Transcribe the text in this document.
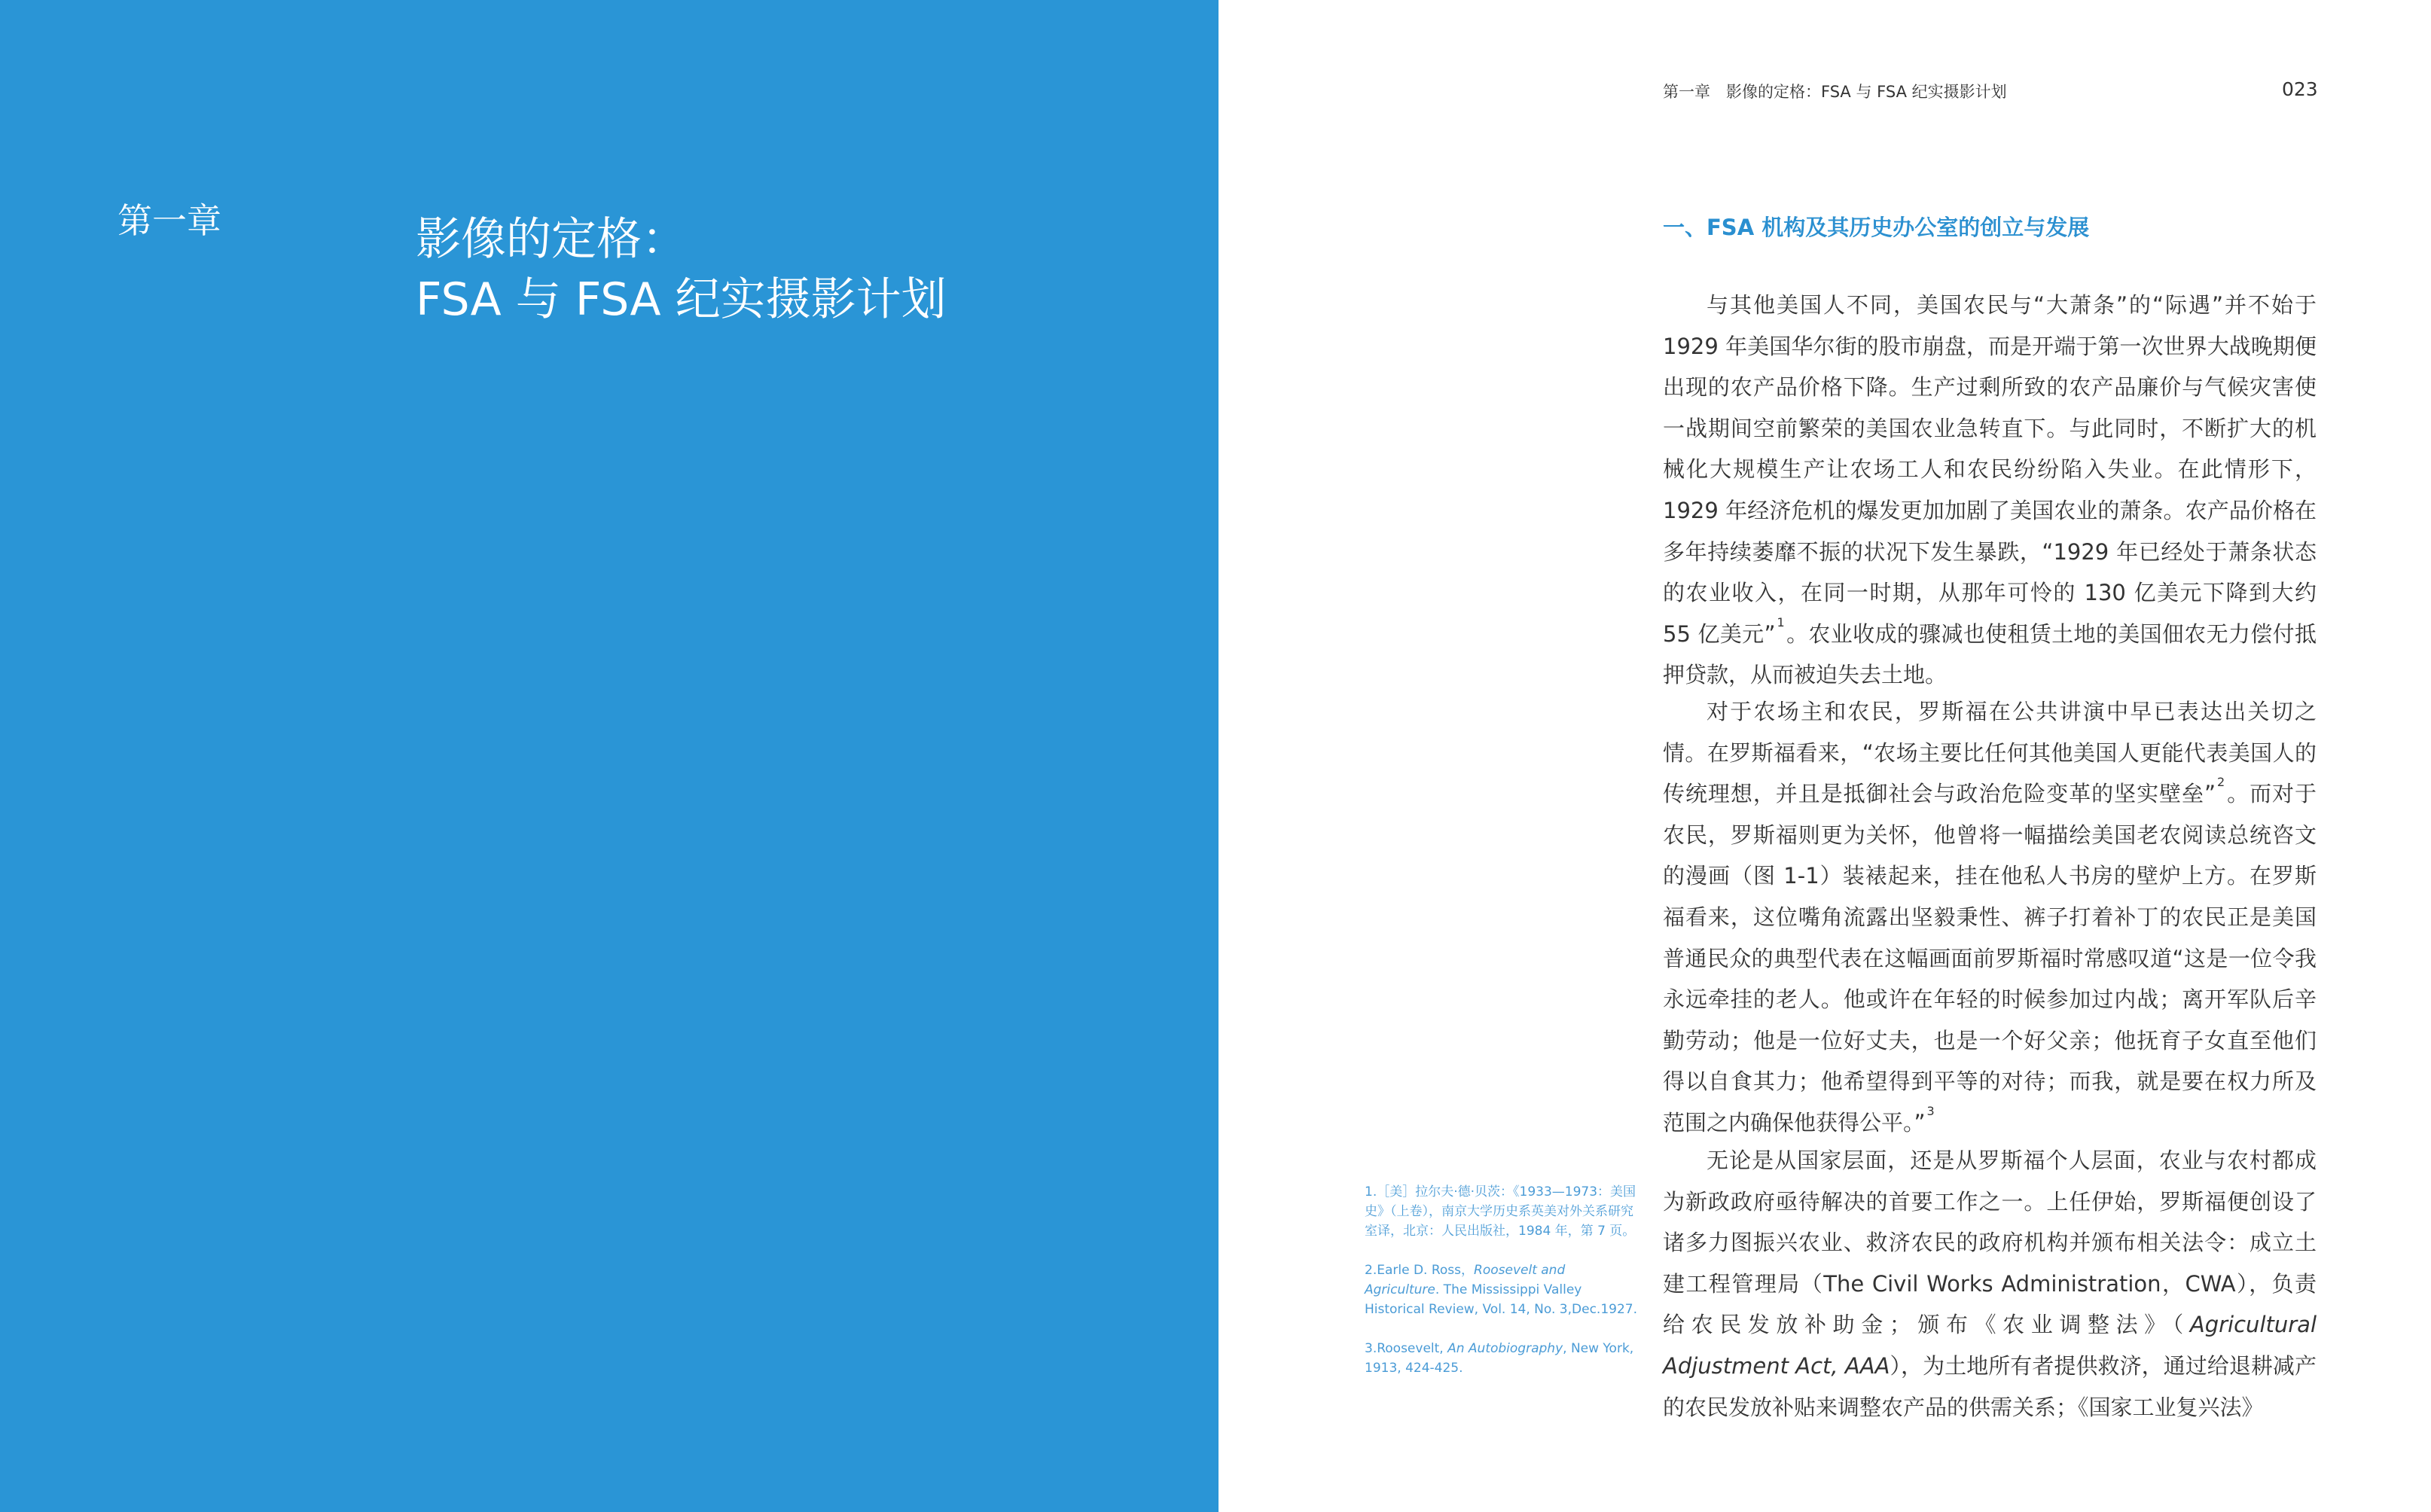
第一章	影像的定格：
FSA 与 FSA 纪实摄影计划
第一章　影像的定格：FSA 与 FSA 纪实摄影计划	023
一、FSA 机构及其历史办公室的创立与发展

与其他美国人不同，美国农民与“大萧条”的“际遇”并不始于 1929 年美国华尔街的股市崩盘，而是开端于第一次世界大战晚期便出现的农产品价格下降。生产过剩所致的农产品廉价与气候灾害使一战期间空前繁荣的美国农业急转直下。与此同时，不断扩大的机械化大规模生产让农场工人和农民纷纷陷入失业。在此情形下，1929 年经济危机的爆发更加加剧了美国农业的萧条。农产品价格在多年持续萎靡不振的状况下发生暴跌，“1929 年已经处于萧条状态的农业收入，在同一时期，从那年可怜的 130 亿美元下降到大约 55 亿美元” $^1$。农业收成的骤减也使租赁土地的美国佃农无力偿付抵押贷款，从而被迫失去土地。

对于农场主和农民，罗斯福在公共讲演中早已表达出关切之情。在罗斯福看来，“农场主要比任何其他美国人更能代表美国人的传统理想，并且是抵御社会与政治危险变革的坚实壁垒” $^2$。而对于农民，罗斯福则更为关怀，他曾将一幅描绘美国老农阅读总统咨文的漫画（图 1-1）装裱起来，挂在他私人书房的壁炉上方。在罗斯福看来，这位嘴角流露出坚毅秉性、裤子打着补丁的农民正是美国普通民众的典型代表在这幅画面前罗斯福时常感叹道“这是一位令我永远牵挂的老人。他或许在年轻的时候参加过内战；离开军队后辛勤劳动；他是一位好丈夫，也是一个好父亲；他抚育子女直至他们得以自食其力；他希望得到平等的对待；而我，就是要在权力所及范围之内确保他获得公平。” $^3$

无论是从国家层面，还是从罗斯福个人层面，农业与农村都成为新政政府亟待解决的首要工作之一。上任伊始，罗斯福便创设了诸多力图振兴农业、救济农民的政府机构并颁布相关法令：成立土建工程管理局（The Civil Works Administration，CWA），负责给农民发放补助金；颁布《农业调整法》（Agricultural Adjustment Act, AAA），为土地所有者提供救济，通过给退耕减产的农民发放补贴来调整农产品的供需关系；《国家工业复兴法》

1.［美］拉尔夫·德·贝茨：《1933—1973：美国史》（上卷），南京大学历史系英美对外关系研究室译，北京：人民出版社，1984 年，第 7 页。

2.Earle D. Ross，Roosevelt and Agriculture. The Mississippi Valley Historical Review, Vol. 14, No. 3,Dec.1927.

3.Roosevelt, An Autobiography, New York, 1913, 424-425.
